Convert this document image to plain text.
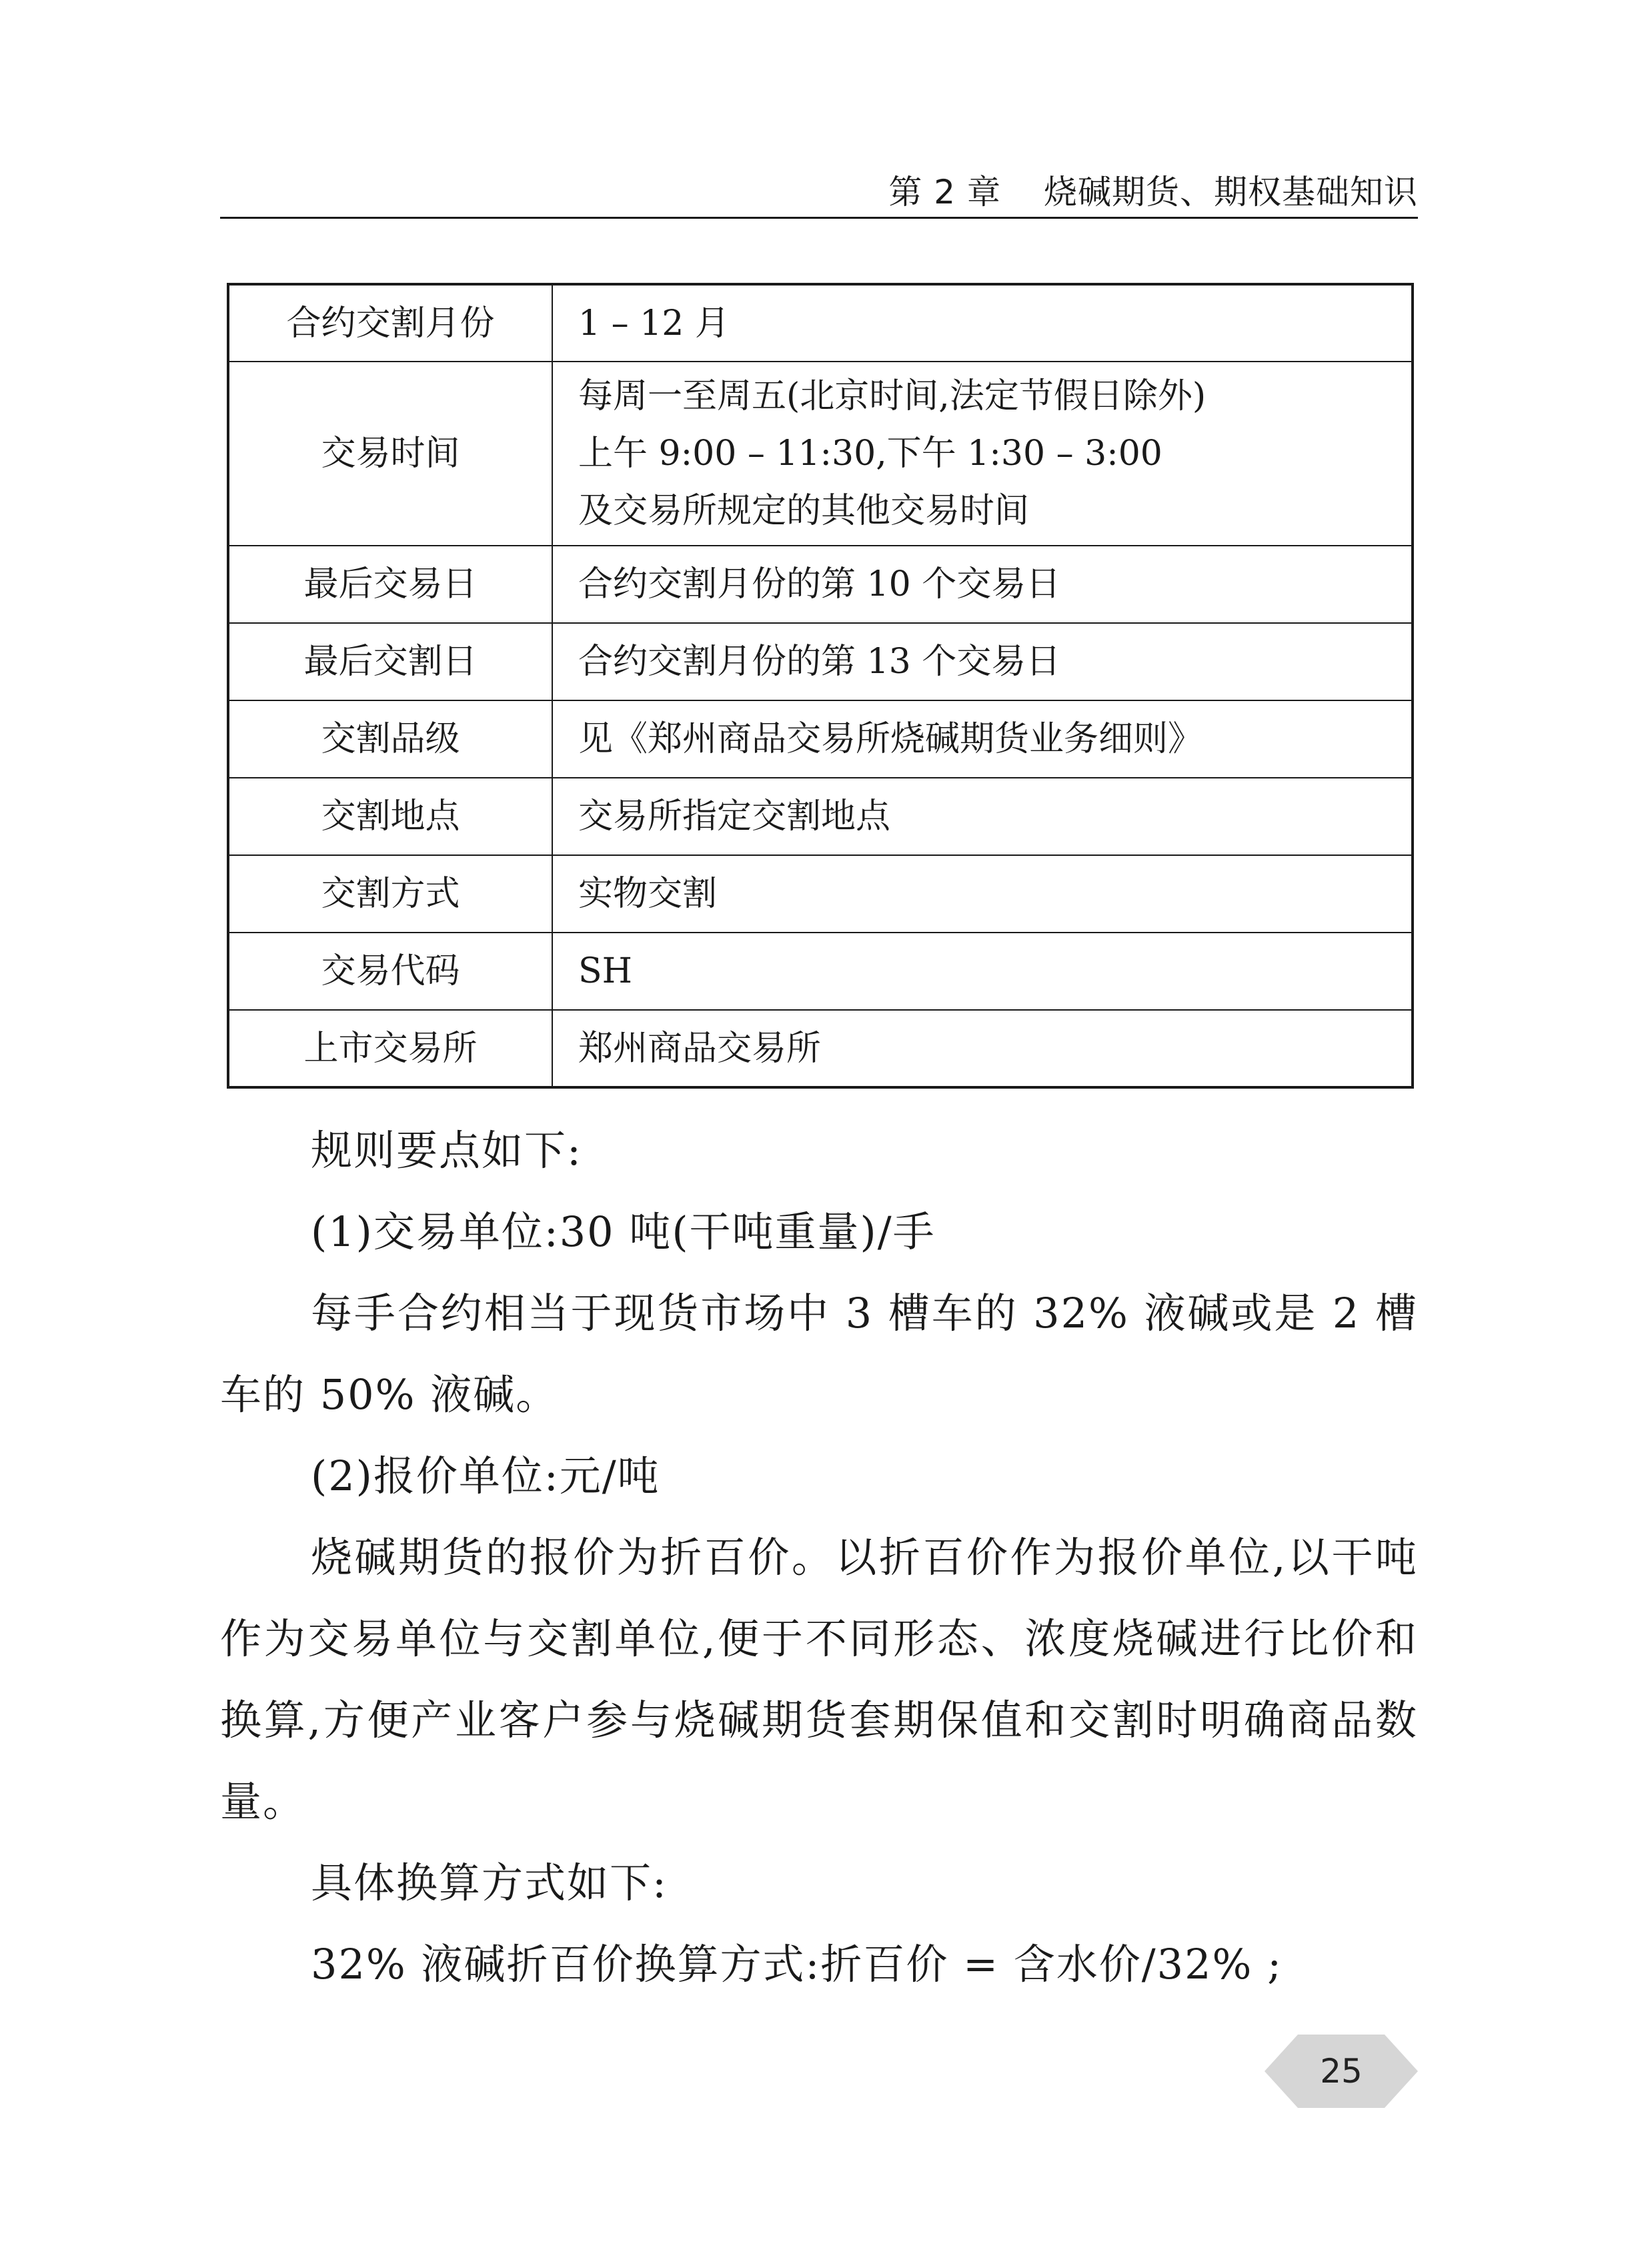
第 2 章 烧碱期货、期权基础知识
合约交割月份	1 – 12 月
交易时间	每周一至周五(北京时间,法定节假日除外)
上午 9:00 – 11:30,下午 1:30 – 3:00
及交易所规定的其他交易时间

最后交易日	合约交割月份的第 10 个交易日
最后交割日	合约交割月份的第 13 个交易日
交割品级	见《郑州商品交易所烧碱期货业务细则》
交割地点	交易所指定交割地点
交割方式	实物交割
交易代码	SH
上市交易所	郑州商品交易所

规则要点如下:

(1)交易单位:30 吨(干吨重量)/手

每手合约相当于现货市场中 3 槽车的 32% 液碱或是 2 槽车的 50% 液碱。

(2)报价单位:元/吨

烧碱期货的报价为折百价。以折百价作为报价单位,以干吨作为交易单位与交割单位,便于不同形态、浓度烧碱进行比价和换算,方便产业客户参与烧碱期货套期保值和交割时明确商品数量。

具体换算方式如下:

32% 液碱折百价换算方式:折百价 = 含水价/32% ;

25
